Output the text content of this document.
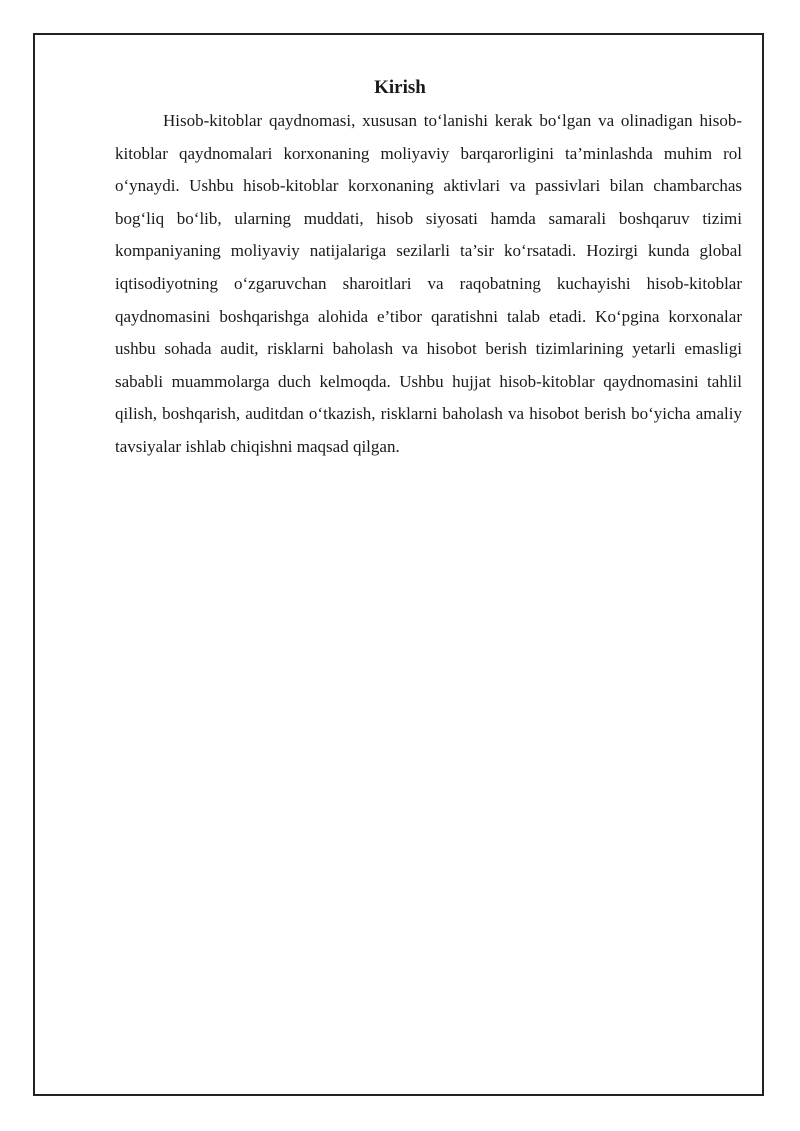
Kirish

Hisob-kitoblar qaydnomasi, xususan to‘lanishi kerak bo‘lgan va olinadigan hisob-kitoblar qaydnomalari korxonaning moliyaviy barqarorligini ta’minlashda muhim rol o‘ynaydi. Ushbu hisob-kitoblar korxonaning aktivlari va passivlari bilan chambarchas bog‘liq bo‘lib, ularning muddati, hisob siyosati hamda samarali boshqaruv tizimi kompaniyaning moliyaviy natijalariga sezilarli ta’sir ko‘rsatadi. Hozirgi kunda global iqtisodiyotning o‘zgaruvchan sharoitlari va raqobatning kuchayishi hisob-kitoblar qaydnomasini boshqarishga alohida e’tibor qaratishni talab etadi. Ko‘pgina korxonalar ushbu sohada audit, risklarni baholash va hisobot berish tizimlarining yetarli emasligi sababli muammolarga duch kelmoqda. Ushbu hujjat hisob-kitoblar qaydnomasini tahlil qilish, boshqarish, auditdan o‘tkazish, risklarni baholash va hisobot berish bo‘yicha amaliy tavsiyalar ishlab chiqishni maqsad qilgan.
